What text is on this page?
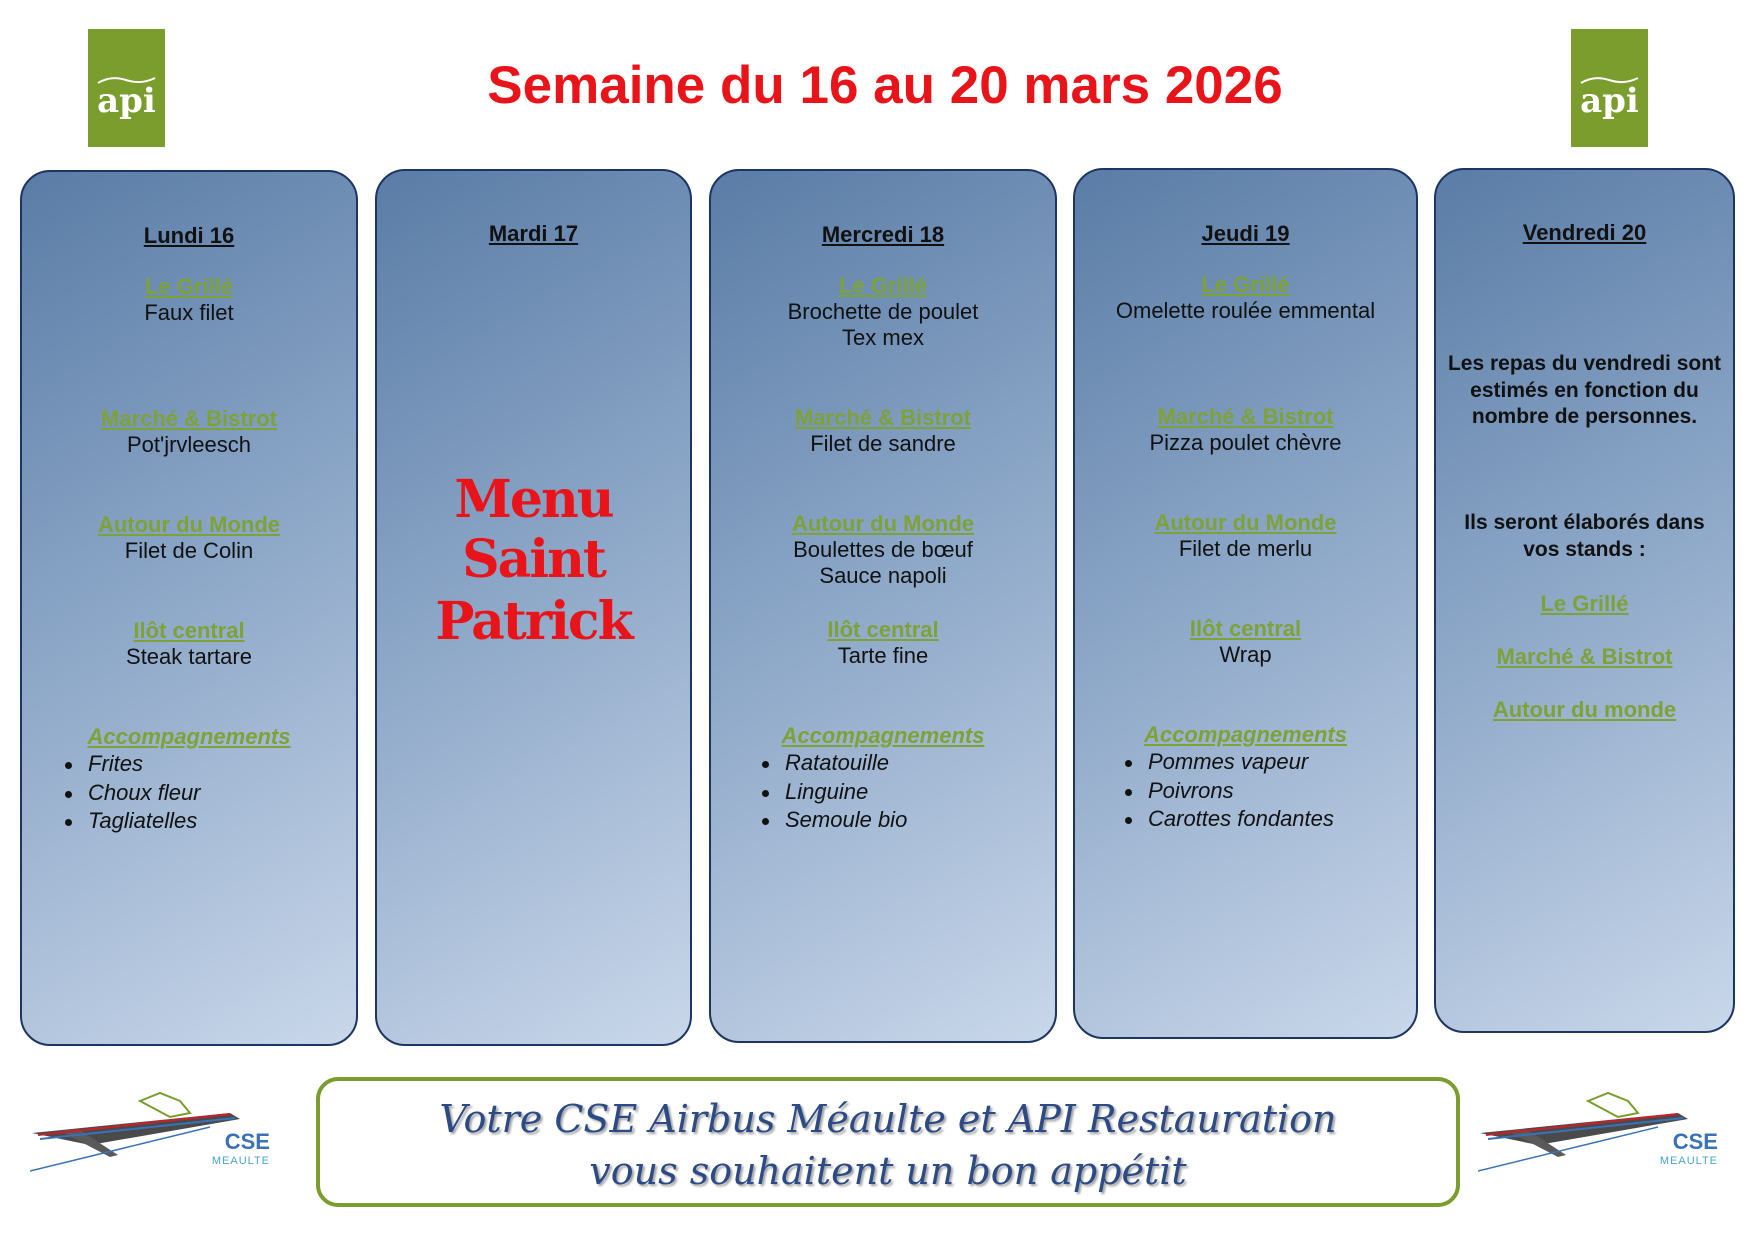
api	api
Semaine du 16 au 20 mars 2026
Lundi 16
Le Grillé
Faux filet
Marché & Bistrot
Pot'jrvleesch
Autour du Monde
Filet de Colin
Ilôt central
Steak tartare
Accompagnements
Frites
Choux fleur
Tagliatelles
Mardi 17
Menu
Saint Patrick
Mercredi 18
Le Grillé
Brochette de poulet
Tex mex
Marché & Bistrot
Filet de sandre
Autour du Monde
Boulettes de bœuf
Sauce napoli
Ilôt central
Tarte fine
Accompagnements
Ratatouille
Linguine
Semoule bio
Jeudi 19
Le Grillé
Omelette roulée emmental
Marché & Bistrot
Pizza poulet chèvre
Autour du Monde
Filet de merlu
Ilôt central
Wrap
Accompagnements
Pommes vapeur
Poivrons
Carottes fondantes
Vendredi 20
Les repas du vendredi sont estimés en fonction du nombre de personnes.
Ils seront élaborés dans vos stands :
Le Grillé
Marché & Bistrot
Autour du monde
CSE
MEAULTE
CSE
MEAULTE
Votre CSE Airbus Méaulte et API Restauration
vous souhaitent un bon appétit
